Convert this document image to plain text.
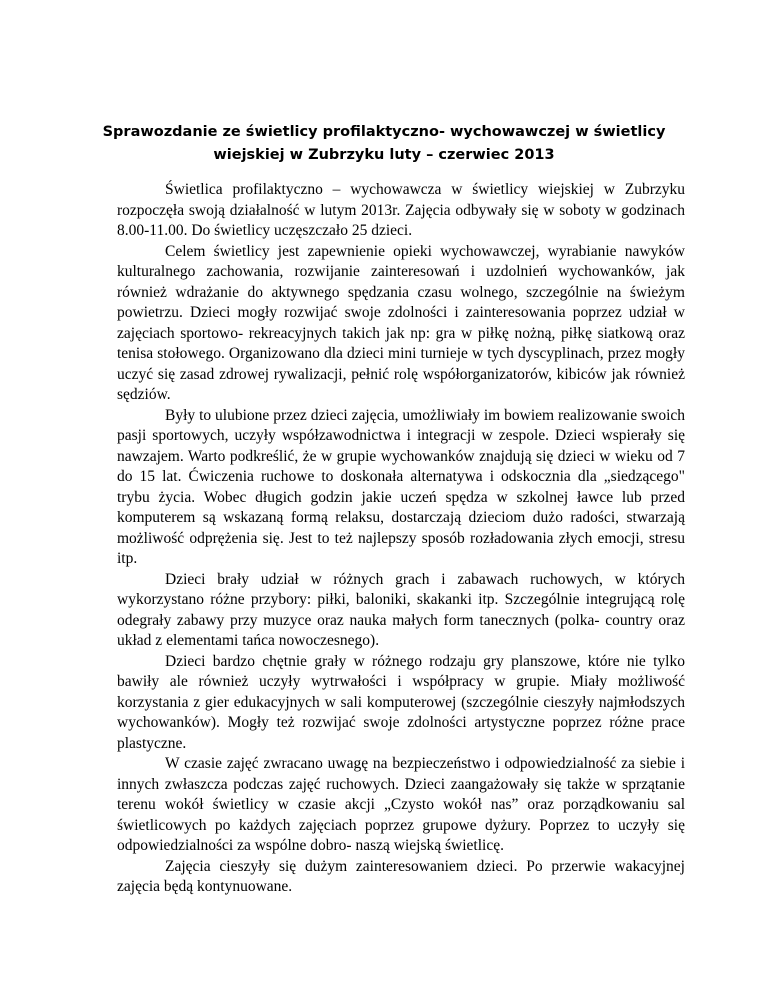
Sprawozdanie ze świetlicy profilaktyczno- wychowawczej w świetlicy wiejskiej w Zubrzyku luty – czerwiec 2013

Świetlica profilaktyczno – wychowawcza w świetlicy wiejskiej w Zubrzyku rozpoczęła swoją działalność w lutym 2013r. Zajęcia odbywały się w soboty w godzinach 8.00-11.00. Do świetlicy uczęszczało 25 dzieci.

Celem świetlicy jest zapewnienie opieki wychowawczej, wyrabianie nawyków kulturalnego zachowania, rozwijanie zainteresowań i uzdolnień wychowanków, jak również wdrażanie do aktywnego spędzania czasu wolnego, szczególnie na świeżym powietrzu. Dzieci mogły rozwijać swoje zdolności i zainteresowania poprzez udział w zajęciach sportowo- rekreacyjnych takich jak np: gra w piłkę nożną, piłkę siatkową oraz tenisa stołowego. Organizowano dla dzieci mini turnieje w tych dyscyplinach, przez mogły uczyć się zasad zdrowej rywalizacji, pełnić rolę współorganizatorów, kibiców jak również sędziów.

Były to ulubione przez dzieci zajęcia, umożliwiały im bowiem realizowanie swoich pasji sportowych, uczyły współzawodnictwa i integracji w zespole. Dzieci wspierały się nawzajem. Warto podkreślić, że w grupie wychowanków znajdują się dzieci w wieku od 7 do 15 lat. Ćwiczenia ruchowe to doskonała alternatywa i odskocznia dla „siedzącego" trybu życia. Wobec długich godzin jakie uczeń spędza w szkolnej ławce lub przed komputerem są wskazaną formą relaksu, dostarczają dzieciom dużo radości, stwarzają możliwość odprężenia się. Jest to też najlepszy sposób rozładowania złych emocji, stresu itp.

Dzieci brały udział w różnych grach i zabawach ruchowych, w których wykorzystano różne przybory: piłki, baloniki, skakanki itp. Szczególnie integrującą rolę odegrały zabawy przy muzyce oraz nauka małych form tanecznych (polka- country oraz układ z elementami tańca nowoczesnego).

Dzieci bardzo chętnie grały w różnego rodzaju gry planszowe, które nie tylko bawiły ale również uczyły wytrwałości i współpracy w grupie. Miały możliwość korzystania z gier edukacyjnych w sali komputerowej (szczególnie cieszyły najmłodszych wychowanków). Mogły też rozwijać swoje zdolności artystyczne poprzez różne prace plastyczne.

W czasie zajęć zwracano uwagę na bezpieczeństwo i odpowiedzialność za siebie i innych zwłaszcza podczas zajęć ruchowych. Dzieci zaangażowały się także w sprzątanie terenu wokół świetlicy w czasie akcji „Czysto wokół nas” oraz porządkowaniu sal świetlicowych po każdych zajęciach poprzez grupowe dyżury. Poprzez to uczyły się odpowiedzialności za wspólne dobro- naszą wiejską świetlicę.

Zajęcia cieszyły się dużym zainteresowaniem dzieci. Po przerwie wakacyjnej zajęcia będą kontynuowane.
